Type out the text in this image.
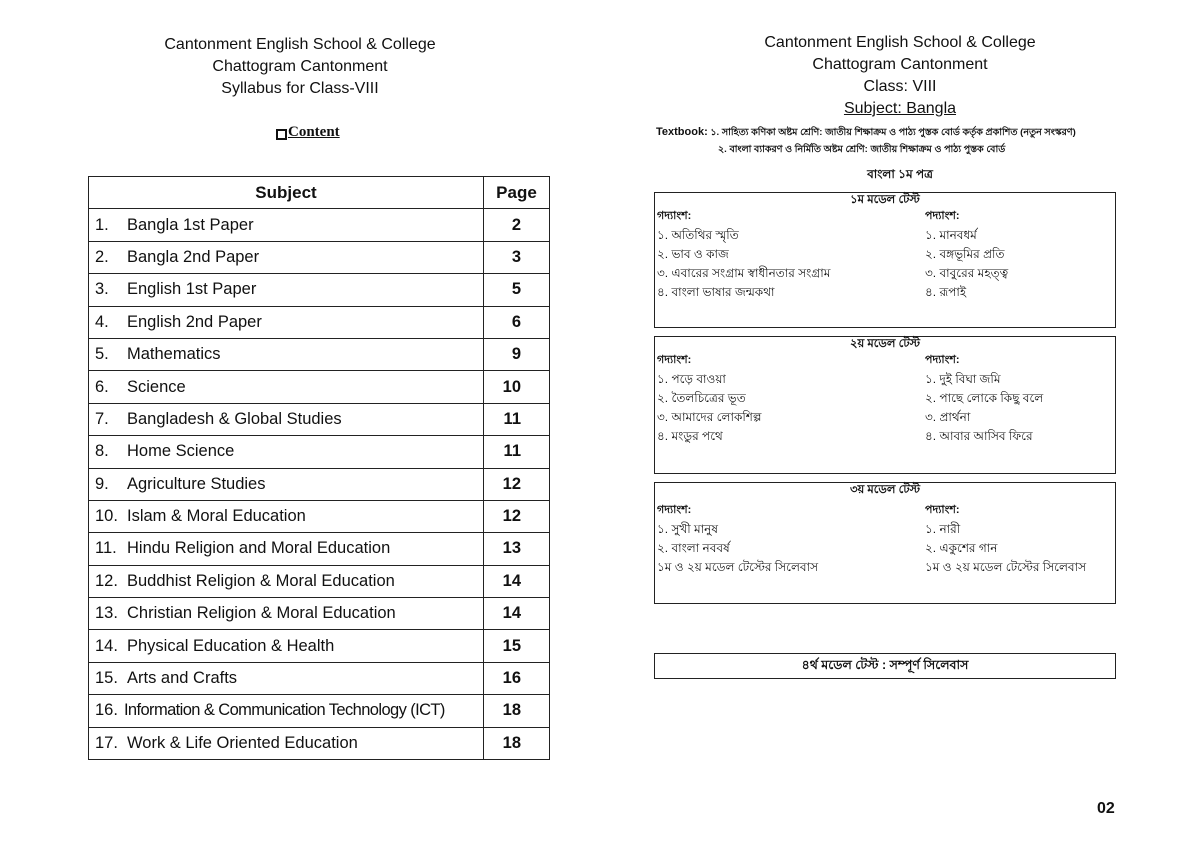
Cantonment English School & College
Chattogram Cantonment
Syllabus for Class-VIII
Content
Subject	Page
1. Bangla 1st Paper	2
2. Bangla 2nd Paper	3
3. English 1st Paper	5
4. English 2nd Paper	6
5. Mathematics	9
6. Science	10
7. Bangladesh & Global Studies	11
8. Home Science	11
9. Agriculture Studies	12
10. Islam & Moral Education	12
11. Hindu Religion and Moral Education	13
12. Buddhist Religion & Moral Education	14
13. Christian Religion & Moral Education	14
14. Physical Education & Health	15
15. Arts and Crafts	16
16. Information & Communication Technology (ICT)	18
17. Work & Life Oriented Education	18
Cantonment English School & College
Chattogram Cantonment
Class: VIII
Subject: Bangla
Textbook: ১. সাহিত্য কণিকা অষ্টম শ্রেণি: জাতীয় শিক্ষাক্রম ও পাঠ্য পুস্তক বোর্ড কর্তৃক প্রকাশিত (নতুন সংস্করণ)
২. বাংলা ব্যাকরণ ও নির্মিতি অষ্টম শ্রেণি: জাতীয় শিক্ষাক্রম ও পাঠ্য পুস্তক বোর্ড
বাংলা ১ম পত্র
১ম মডেল টেস্ট
গদ্যাংশ:	পদ্যাংশ:
১. অতিথির স্মৃতি	১. মানবধর্ম
২. ভাব ও কাজ	২. বঙ্গভূমির প্রতি
৩. এবারের সংগ্রাম স্বাধীনতার সংগ্রাম	৩. বাবুরের মহত্ত্ব
৪. বাংলা ভাষার জন্মকথা	৪. রূপাই
২য় মডেল টেস্ট
গদ্যাংশ:	পদ্যাংশ:
১. পড়ে বাওয়া	১. দুই বিঘা জমি
২. তৈলচিত্রের ভূত	২. পাছে লোকে কিছু বলে
৩. আমাদের লোকশিল্প	৩. প্রার্থনা
৪. মংডুর পথে	৪. আবার আসিব ফিরে
৩য় মডেল টেস্ট
গদ্যাংশ:	পদ্যাংশ:
১. সুখী মানুষ	১. নারী
২. বাংলা নববর্ষ	২. একুশের গান
১ম ও ২য় মডেল টেস্টের সিলেবাস	১ম ও ২য় মডেল টেস্টের সিলেবাস
৪র্থ মডেল টেস্ট : সম্পূর্ণ সিলেবাস
02
